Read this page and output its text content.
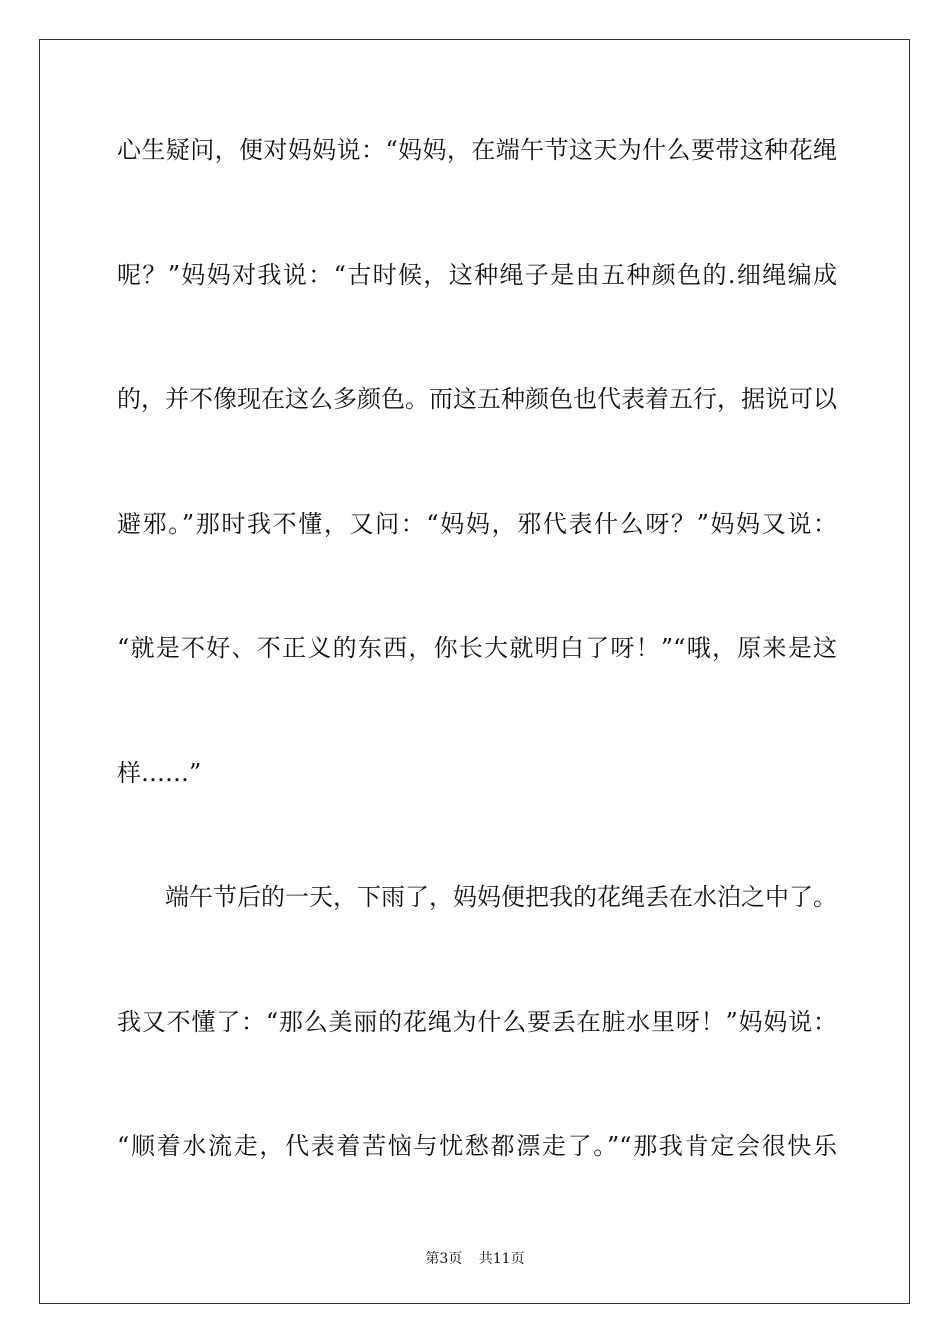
心生疑问，便对妈妈说：“妈妈，在端午节这天为什么要带这种花绳
呢？”妈妈对我说：“古时候，这种绳子是由五种颜色的.细绳编成
的，并不像现在这么多颜色。而这五种颜色也代表着五行，据说可以
避邪。”那时我不懂，又问：“妈妈，邪代表什么呀？”妈妈又说：
“就是不好、不正义的东西，你长大就明白了呀！”“哦，原来是这
样……”
端午节后的一天，下雨了，妈妈便把我的花绳丢在水泊之中了。
我又不懂了：“那么美丽的花绳为什么要丢在脏水里呀！”妈妈说：
“顺着水流走，代表着苦恼与忧愁都漂走了。”“那我肯定会很快乐
第3页 共11页
